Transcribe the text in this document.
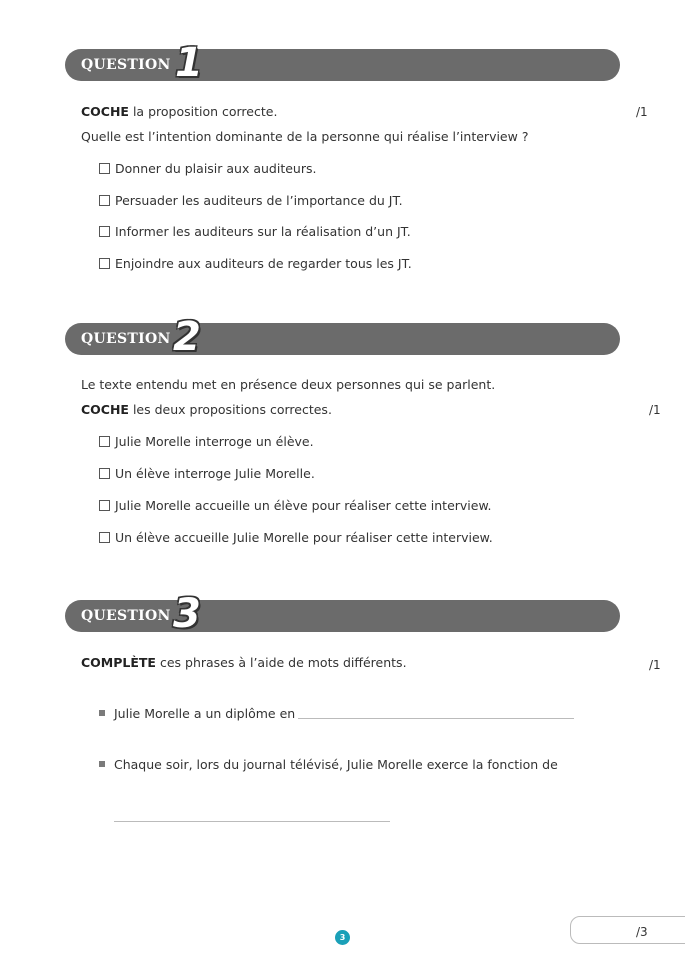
QUESTION 1
COCHE la proposition correcte.	/1
Quelle est l’intention dominante de la personne qui réalise l’interview ?
Donner du plaisir aux auditeurs.
Persuader les auditeurs de l’importance du JT.
Informer les auditeurs sur la réalisation d’un JT.
Enjoindre aux auditeurs de regarder tous les JT.
QUESTION 2
Le texte entendu met en présence deux personnes qui se parlent.
COCHE les deux propositions correctes.	/1
Julie Morelle interroge un élève.
Un élève interroge Julie Morelle.
Julie Morelle accueille un élève pour réaliser cette interview.
Un élève accueille Julie Morelle pour réaliser cette interview.
QUESTION 3
COMPLÈTE ces phrases à l’aide de mots différents.	/1
Julie Morelle a un diplôme en
Chaque soir, lors du journal télévisé, Julie Morelle exerce la fonction de
3	/3
